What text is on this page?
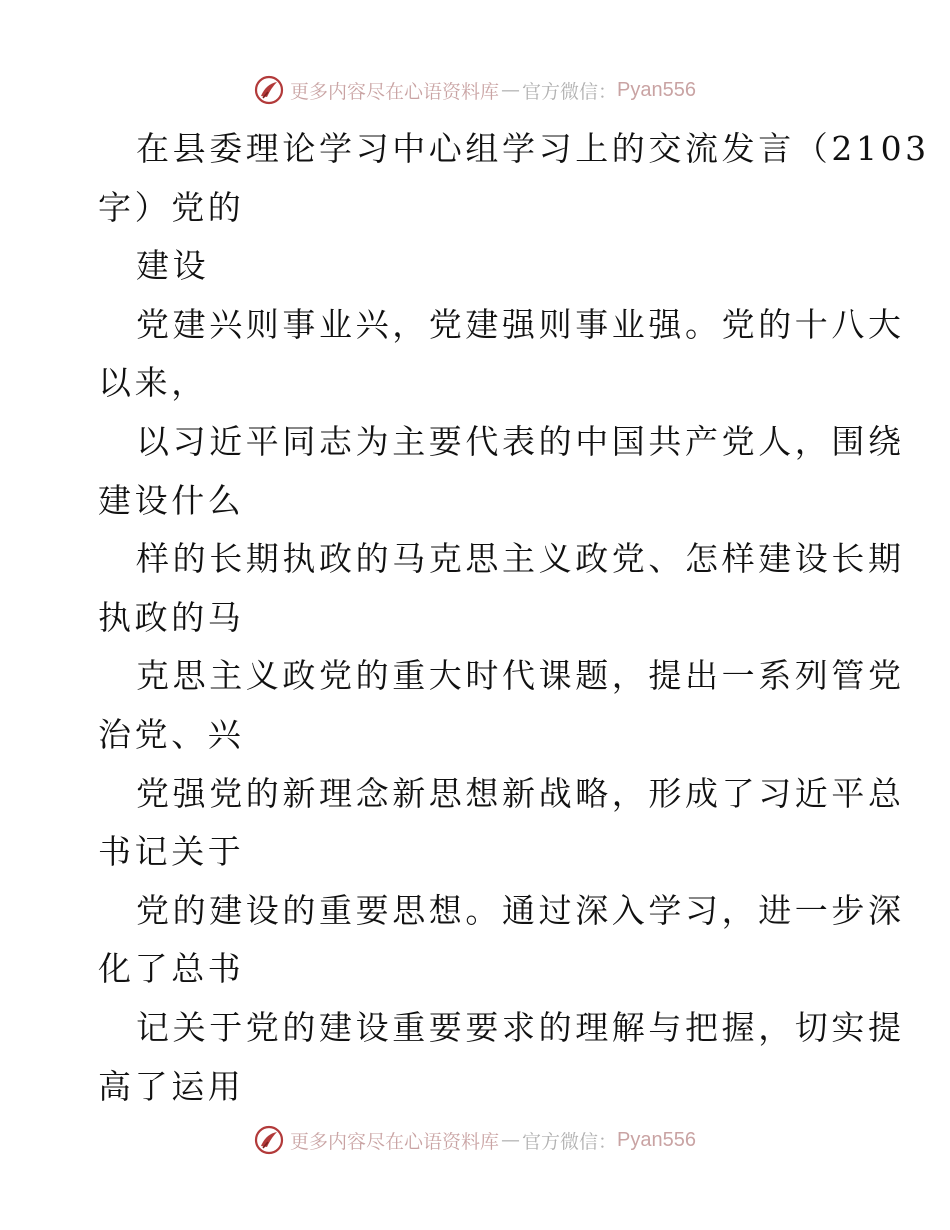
更多内容尽在心语资料库 — 官方微信： Pyan556
在县委理论学习中心组学习上的交流发言（2103
字）党的
建设
党建兴则事业兴，党建强则事业强。党的十八大
以来，
以习近平同志为主要代表的中国共产党人，围绕
建设什么
样的长期执政的马克思主义政党、怎样建设长期
执政的马
克思主义政党的重大时代课题，提出一系列管党
治党、兴
党强党的新理念新思想新战略，形成了习近平总
书记关于
党的建设的重要思想。通过深入学习，进一步深
化了总书
记关于党的建设重要要求的理解与把握，切实提
高了运用
更多内容尽在心语资料库 — 官方微信： Pyan556
